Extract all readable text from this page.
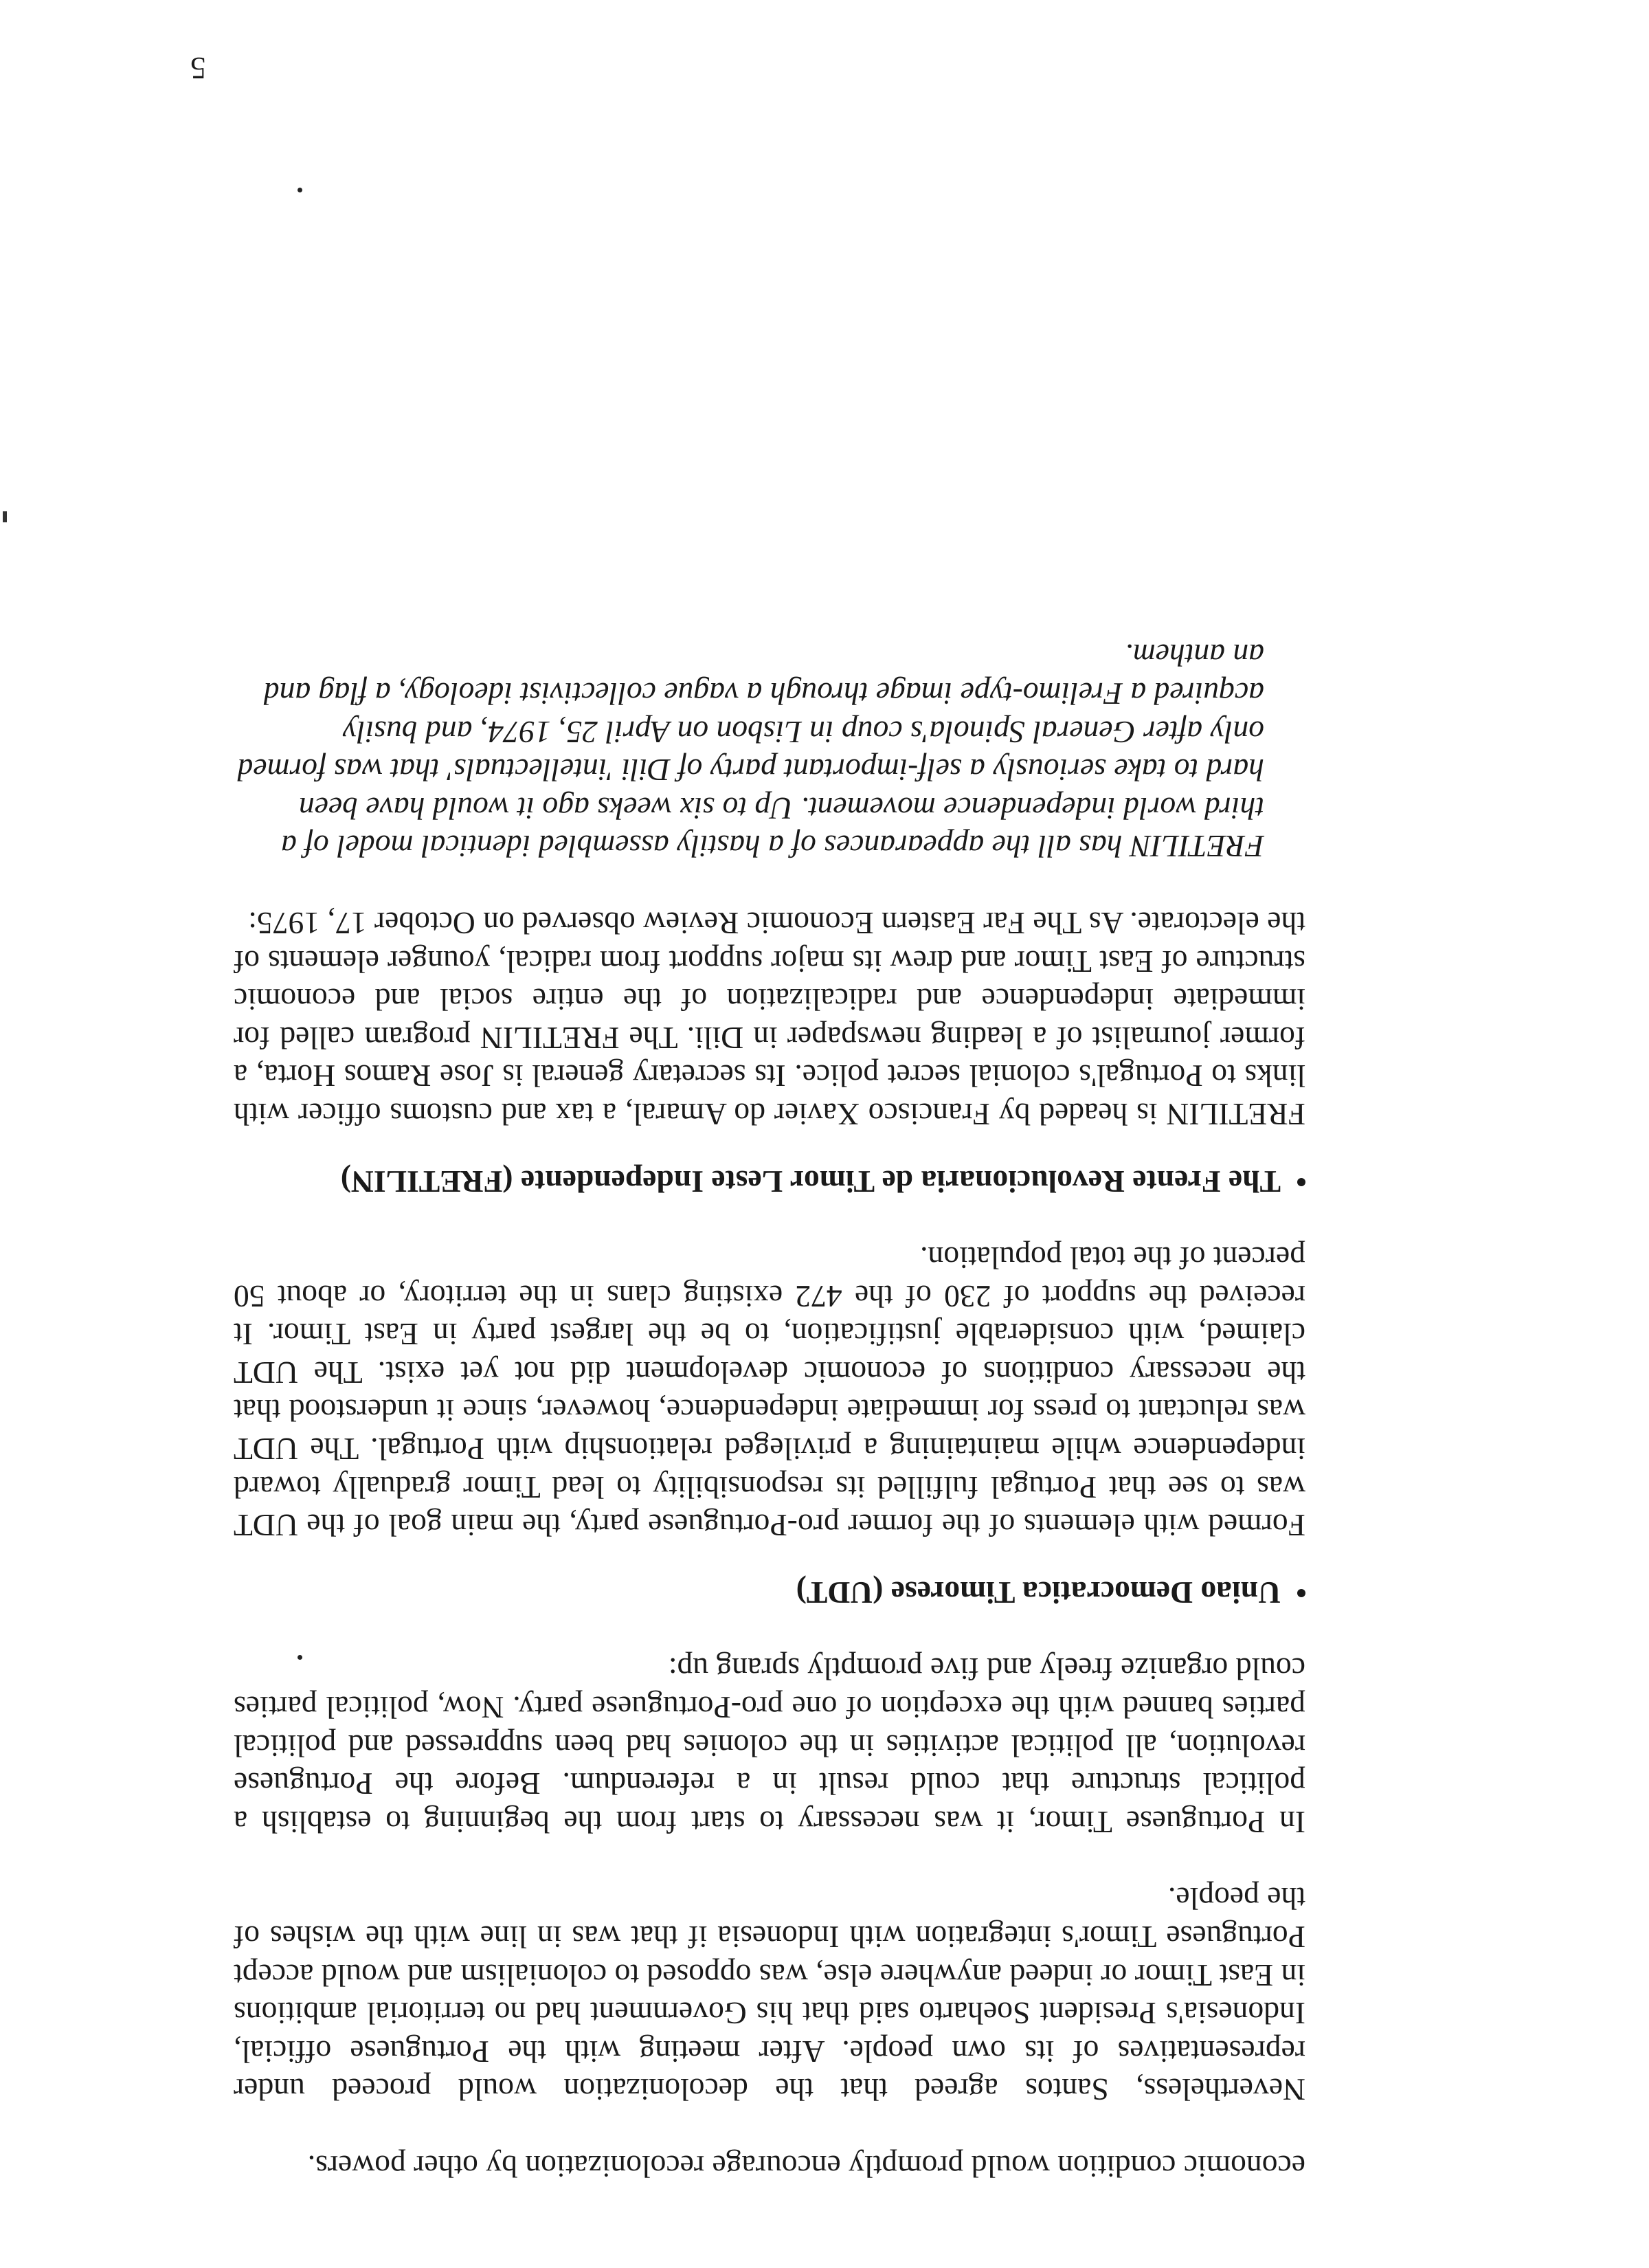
5

economic condition would promptly encourage recolonization by other powers.

Nevertheless, Santos agreed that the decolonization would proceed under representatives of its own people. After meeting with the Portuguese official, Indonesia's President Soeharto said that his Government had no territorial ambitions in East Timor or indeed anywhere else, was opposed to colonialism and would accept Portuguese Timor's integration with Indonesia if that was in line with the wishes of the people.

In Portuguese Timor, it was necessary to start from the beginning to establish a political structure that could result in a referendum. Before the Portuguese revolution, all political activities in the colonies had been suppressed and political parties banned with the exception of one pro-Portuguese party. Now, political parties could organize freely and five promptly sprang up:

Uniao Democratica Timorese (UDT)

Formed with elements of the former pro-Portuguese party, the main goal of the UDT was to see that Portugal fulfilled its responsibility to lead Timor gradually toward independence while maintaining a privileged relationship with Portugal. The UDT was reluctant to press for immediate independence, however, since it understood that the necessary conditions of economic development did not yet exist. The UDT claimed, with considerable justification, to be the largest party in East Timor. It received the support of 230 of the 472 existing clans in the territory, or about 50 percent of the total population.

The Frente Revolucionaria de Timor Leste Independente (FRETILIN)

FRETILIN is headed by Francisco Xavier do Amaral, a tax and customs officer with links to Portugal's colonial secret police. Its secretary general is Jose Ramos Horta, a former journalist of a leading newspaper in Dili. The FRETILIN program called for immediate independence and radicalization of the entire social and economic structure of East Timor and drew its major support from radical, younger elements of the electorate. As The Far Eastern Economic Review observed on October 17, 1975:

FRETILIN has all the appearances of a hastily assembled identical model of a third world independence movement. Up to six weeks ago it would have been hard to take seriously a self-important party of Dili 'intellectuals' that was formed only after General Spinola's coup in Lisbon on April 25, 1974, and busily acquired a Frelimo-type image through a vague collectivist ideology, a flag and an anthem.
